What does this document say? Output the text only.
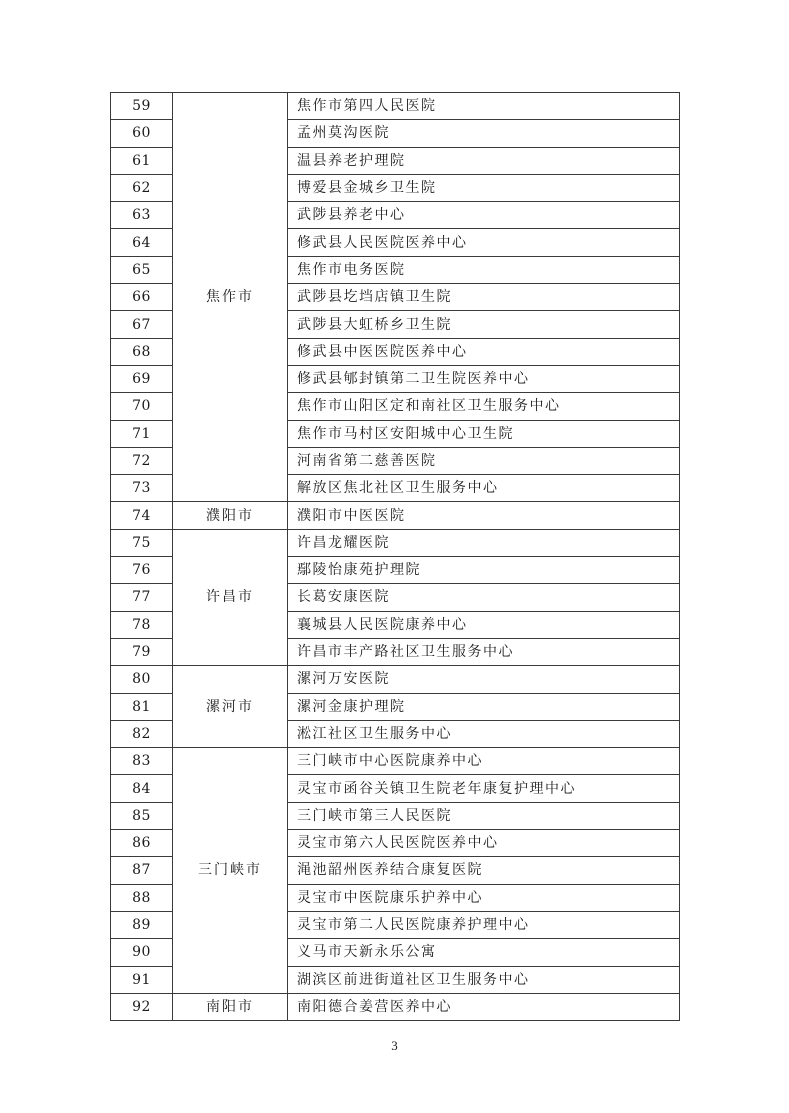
59	焦作市	焦作市第四人民医院
60		孟州莫沟医院
61		温县养老护理院
62		博爱县金城乡卫生院
63		武陟县养老中心
64		修武县人民医院医养中心
65		焦作市电务医院
66		武陟县圪垱店镇卫生院
67		武陟县大虹桥乡卫生院
68		修武县中医医院医养中心
69		修武县郇封镇第二卫生院医养中心
70		焦作市山阳区定和南社区卫生服务中心
71		焦作市马村区安阳城中心卫生院
72		河南省第二慈善医院
73		解放区焦北社区卫生服务中心
74	濮阳市	濮阳市中医医院
75	许昌市	许昌龙耀医院
76		鄢陵怡康苑护理院
77		长葛安康医院
78		襄城县人民医院康养中心
79		许昌市丰产路社区卫生服务中心
80	漯河市	漯河万安医院
81		漯河金康护理院
82		淞江社区卫生服务中心
83	三门峡市	三门峡市中心医院康养中心
84		灵宝市函谷关镇卫生院老年康复护理中心
85		三门峡市第三人民医院
86		灵宝市第六人民医院医养中心
87		渑池韶州医养结合康复医院
88		灵宝市中医院康乐护养中心
89		灵宝市第二人民医院康养护理中心
90		义马市天新永乐公寓
91		湖滨区前进街道社区卫生服务中心
92	南阳市	南阳德合姜营医养中心
3
